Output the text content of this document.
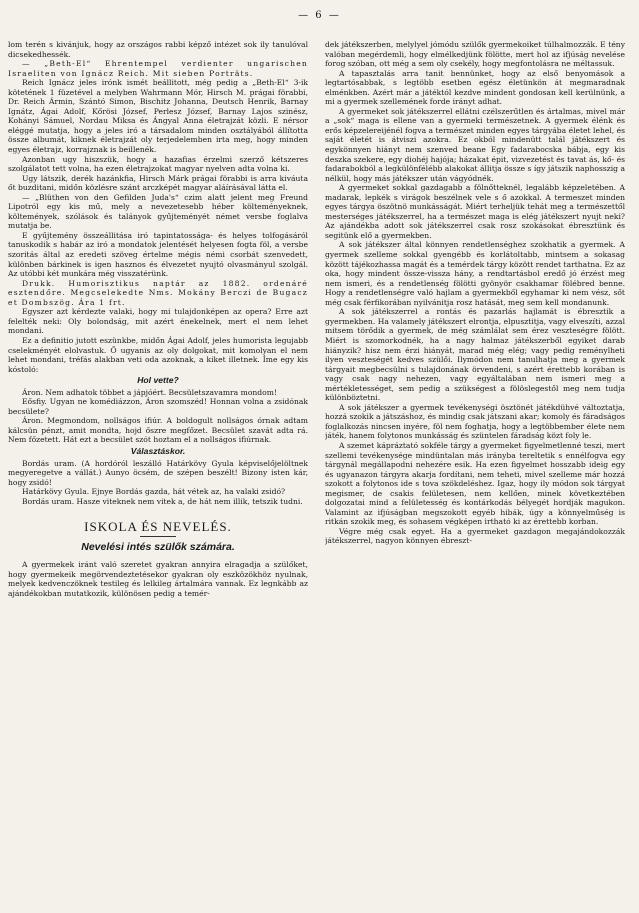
— 6 —

lom terén s kivánjuk, hogy az országos rabbi képző intézet sok ily tanulóval dicsekedhessék.

— „Beth-El“ Ehrentempel verdienter ungarischen Israeliten von Ignácz Reich. Mit sieben Porträts.

Reich Ignácz jeles irónk ismét beállitott, még pedig a „Beth-El“ 3-ik kötetének 1 füzetével a melyben Wahrmann Mór, Hirsch M. prágai förabbi, Dr. Reich Ármin, Szántó Simon, Bischitz Johanna, Deutsch Henrik, Barnay Ignátz, Ágai Adolf, Kőrösi József, Perlesz József, Barnay Lajos szinész, Kohányi Sámuel, Nordau Miksa és Ángyal Anna életrajzát közli. E nérsor eléggé mutatja, hogy a jeles iró a társadalom minden osztályából állította össze albumát, kiknek életrajzát oly terjedelemben irta meg, hogy minden egyes életrajz, korrajznak is beillenék.

Azonban ugy hiszszük, hogy a hazafias érzelmi szerző kétszeres szolgálatot tett volna, ha ezen életrajzokat magyar nyelven adta volna ki.

Ugy látszik, derék hazánkfia, Hirsch Márk prágai förabbi is arra kiváuta őt buzditani, midőn közlésre szánt arczképét magyar aláírásával látta el.

— „Blüthen von den Gefilden Juda's“ czim alatt jelent meg Freund Lipotról egy kis mű, mely a nevezetesebb héber költeményeknek, költemények, szólások és talányok gyűjteményét német versbe foglalva mutatja be.

E gyűjtemény összeállitása irό tapintatosságа- és helyes tolfogásáról tanuskodik s habár az iró a mondatok jelentését helyesen fogta föl, a versbe szoritás által az eredeti szöveg értelme mégis némi csorbát szenvedett, különben bárkinek is igen hasznos és élvezetet nyujtó olvasmányul szolgál. Az utóbbi két munkára még visszatérünk.

Drukk. Humorisztikus naptár az 1882. ordenáré esztendőre. Megcselekedte Nms. Mokány Berczi de Bugacz et Dombszög. Ára 1 frt.

Egyszer azt kérdezte valaki, hogy mi tulajdonképen az opera? Erre azt felelték neki: Oly bolondság, mit azért énekelnek, mert el nem lehet mondani.

Ez a definitio jutott eszünkbe, midőn Ágai Adolf, jeles humorista legujabb cselekményét elolvastuk. Ő ugyanis az oly dolgokat, mit komolyan el nem lehet mondani, tréfás alakban veti oda azoknak, a kiket illetnek. Íme egy kis kóstoló:

Hol vette?

Áron. Nem adhatok többet a jápjóért. Becsületszavamra mondom!

Eősfiy. Ugyan ne komédiázzon, Áron szomszéd! Honnan volna a zsidónak becsülete?

Áron. Megmondom, nollságos ifiúr. A boldogult nollságos órnak adtam kálcsün pénzt, amit mondta, hojd őszre megfőzet. Becsület szavát adta rá. Nem főzetett. Hát ezt a becsület szót hoztam el a nollságos ifiúrnak.

Választáskor.

Bordás uram. (A hordóról leszálló Határkövy Gyula képviselőjelöltnek megyeregetve a vállát.) Aunyo öcsém, de szépen beszélt! Bizony isten kár, hogy zsidó!

Határkövy Gyula. Ejnye Bordás gazda, hát vétek az, ha valaki zsidó?

Bordás uram. Hasze viteknek nem vitek a, de hát nem illik, tetszik tudni.

ISKOLA ÉS NEVELÉS.
Nevelési intés szülők számára.

A gyermekek iránt való szeretet gyakran annyira elragadja a szülőket, hogy gyermekeik megörvendeztetésekor gyakran oly eszközökhöz nyulnak, melyek kedvenczöknek testileg és lelkileg ártalmára vannak. Ez legnkább az ajándékokban mutatkozik, különösen pedig a temér-

dek játékszerben, melylyel jómódu szülők gyermekoiket túlhalmozzák. E tény valóban megérdemli, hogy elmélkedjünk fölötte, mert hol az ifjúság nevelése forog szóban, ott még a sem oly csekély, hogy megfontolásra ne méltassuk.

A tapasztalás arra tanit bennünket, hogy az első benyomások a legtartósabbak, s legtöbb esetben egész életünkön át megmaradnak elménkben. Azért már a játéktól kezdve mindent gondosan kell kerülnünk, a mi a gyermek szellemének forde irányt adhat.

A gyermeket sok játékszerrel ellátni czélszerűtlen és ártalmas, mivel már a „sok“ maga is ellene van a gyermeki természetnek. A gyermek élénk és erős képzelereijénél fogva a természet minden egyes tárgyába életet lehel, és saját életét is átviszi azokra. Ez okból mindenütt talál játékszert és egykönnyen hiányt nem szenved beane Egy fadarabocska bábja, egy kis deszka szekere, egy diohéj hajója; házakat épit, vizvezetést és tavat ás, kő- és fadarabokból a legkülönfélébb alakokat állitja össze s így játszik naphosszig a nélkül, hogy más játékszer után vágyódnék.

A gyermeket sokkal gazdagabb a fölnőtteknél, legalább képzeletében. A madarak, lepkék s virágok beszélnek vele s ő azokkal. A termeszet minden egyes tárgya öszötnö munkásságát. Miért terheljük tehát meg a természettől mesterséges játékszerrel, ha a természet maga is elég játékszert nyujt neki? Az ajándékba adott sok játékszerrel csak rosz szokásokat ébresztünk és segitünk elő a gyermekben.

A sok játékszer által könnyen rendetlenséghez szokhatik a gyermek. A gyermek szelleme sokkal gyengébb és korlátoltabb, mintsem a sokasag között tájékozhassa magát és a temérdek tárgy között rendet tarthatna. Ez az oka, hogy mindent össze-vissza hány, a rendtartásbol eredő jó érzést meg nem ismeri, és a rendetlenség fölötti gyönyör csakhamar fölébred benne. Hogy a rendetlenségre való hajlam a gyermekből egyhamar ki nem vész, sőt még csak férfikorában nyilvánitja rosz hatását, meg sem kell mondanunk.

A sok játékszerrel a rontás és pazarlás hajlamát is ébresztik a gyermekben. Ha valamely játékszert elrontja, elpusztitja, vagy elveszíti, azzal mitsem törődik a gyermek, de még számlálat sem érez veszteségre fölött. Miért is szomorkodnék, ha a nagy halmaz játékszerből egyiket darab hiányzik? hisz nem érzi hiányát, marad még elég; vagy pedig reménylheti ilyen veszteségét kedves szülői. Ilymódon nem tanulhatja meg a gyermek tárgyait megbecsülni s tulajdonának örvendeni, s azért érettebb korában is vagy csak nagy nehezen, vagy egyáltalában nem ismeri meg a mértékletességet, sem pedig a szükségest a fölöslegestől meg nem tudja különböztetni.

A sok játékszer a gyermek tevékenységi ösztönét játékdühvé változtatja, hozzá szokik a játszáshoz, és mindig csak játszani akar; komoly és fáradságos foglalkozás nincsen inyére, föl nem foghatja, hogy a legtöbbember élete nem játék, hanem folytonos munkásság és szüntelen fáradság közt foly le.

A szemet kápráztató sokféle tárgy a gyermeket figyelmetlenné teszi, mert szellemi tevékenysége mindüntalan más irányba tereltetik s ennélfogva egy tárgynál megállapodni nehezére esik. Ha ezen figyelmet hosszabb ideig egy és ugyanazon tárgyra akarja fordítani, nem teheti, mivel szelleme már hozzá szokott a folytonos ide s tova szökdeléshez. Igaz, hogy ily módon sok tárgyat megismer, de csakis felületesen, nem kellően, minek következtében dolgozatai mind a felületesség és kontárkodás bélyegét hordják magukon. Valamint az ifjúságban megszokott egyéb hibák, úgy a könnyelműség is ritkán szokik meg, és sohasem végképen irtható ki az érettebb korban.

Végre még csak egyet. Ha a gyermeket gazdagon megajándokozzák játékszerrel, nagyon könnyen ébreszt-
